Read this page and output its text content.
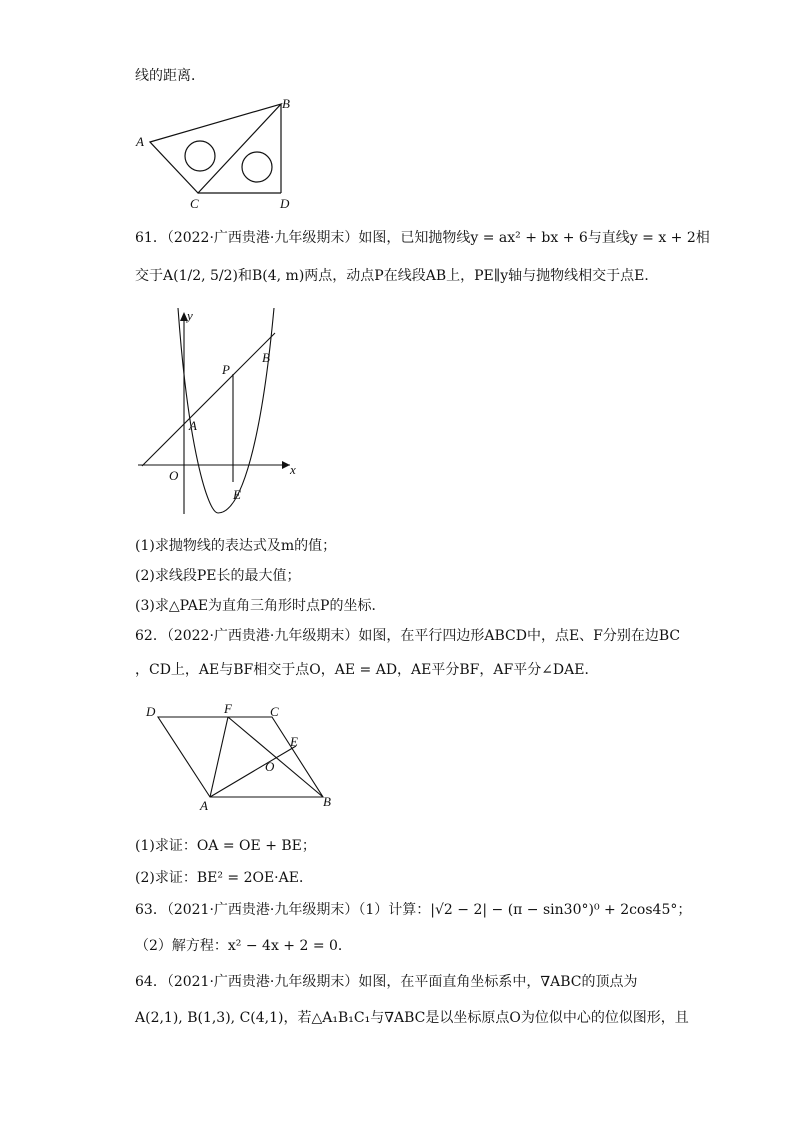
线的距离．
A
B
C	D
61．（2022·广西贵港·九年级期末）如图，已知抛物线y = ax² + bx + 6与直线y = x + 2相
交于A(1/2, 5/2)和B(4, m)两点，动点P在线段AB上，PE∥y轴与抛物线相交于点E．
y
x
O
A
P
B
E
(1)求抛物线的表达式及m的值；
(2)求线段PE长的最大值；
(3)求△PAE为直角三角形时点P的坐标．
62．（2022·广西贵港·九年级期末）如图，在平行四边形ABCD中，点E、F分别在边BC
，CD上，AE与BF相交于点O，AE = AD，AE平分BF，AF平分∠DAE．
D	F	C
E
O
A	B
(1)求证：OA = OE + BE；
(2)求证：BE² = 2OE·AE．
63．（2021·广西贵港·九年级期末）（1）计算：|√2 − 2| − (π − sin30°)⁰ + 2cos45°；
（2）解方程：x² − 4x + 2 = 0．
64．（2021·广西贵港·九年级期末）如图，在平面直角坐标系中，∇ABC的顶点为
A(2,1), B(1,3), C(4,1)，若△A₁B₁C₁与∇ABC是以坐标原点O为位似中心的位似图形，且
